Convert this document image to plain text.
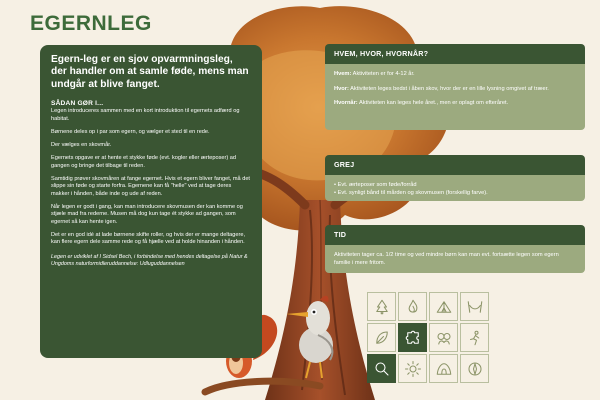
EGERNLEG
Egern-leg er en sjov opvarmningsleg, der handler om at samle føde, mens man undgår at blive fanget.
SÅDAN GØR I...

Legen introduceres sammen med en kort introduktion til egernets adfærd og habitat.

Børnene deles op i par som egern, og vælger et sted til en rede.

Der vælges en skovmår.

Egernets opgave er at hente et stykke føde (evt. kogler eller ærteposer) ad gangen og bringe det tilbage til reden.

Samtidig prøver skovmåren at fange egernet. Hvis et egern bliver fanget, må det slippe sin føde og starte forfra. Egernene kan få "helle" ved at tage deres makker i hånden, både inde og ude af reden.

Når legen er godt i gang, kan man introducere skovmusen der kan komme og stjæle mad fra rederne. Musen må dog kun tage ét stykke ad gangen, som egernet så kan hente igen.

Det er en god idé at lade børnene skifte roller, og hvis der er mange deltagere, kan flere egern dele samme rede og få hjælle ved at holde hinanden i hånden.

Legen er udviklet af I Sidsel Bech, i forbindelse med hendes deltagelse på Natur & Ungdoms naturformidleruddannelse: Udluguddannelsen

HVEM, HVOR, HVORNÅR?

Hvem: Aktiviteten er for 4-12 år.

Hvor: Aktiviteten leges bedst i åben skov, hvor der er en lille lysning omgivet af træer.

Hvornår: Aktiviteten kan leges hele året., men er oplagt om efteråret.

GREJ
• Evt. ærteposer som føde/forråd
• Evt. synligt bånd til mården og skovmusen (forskellig farve).
TID

Aktiviteten tager ca. 1/2 time og ved mindre børn kan man evt. fortsætte legen som egern familie i mere fritom.
